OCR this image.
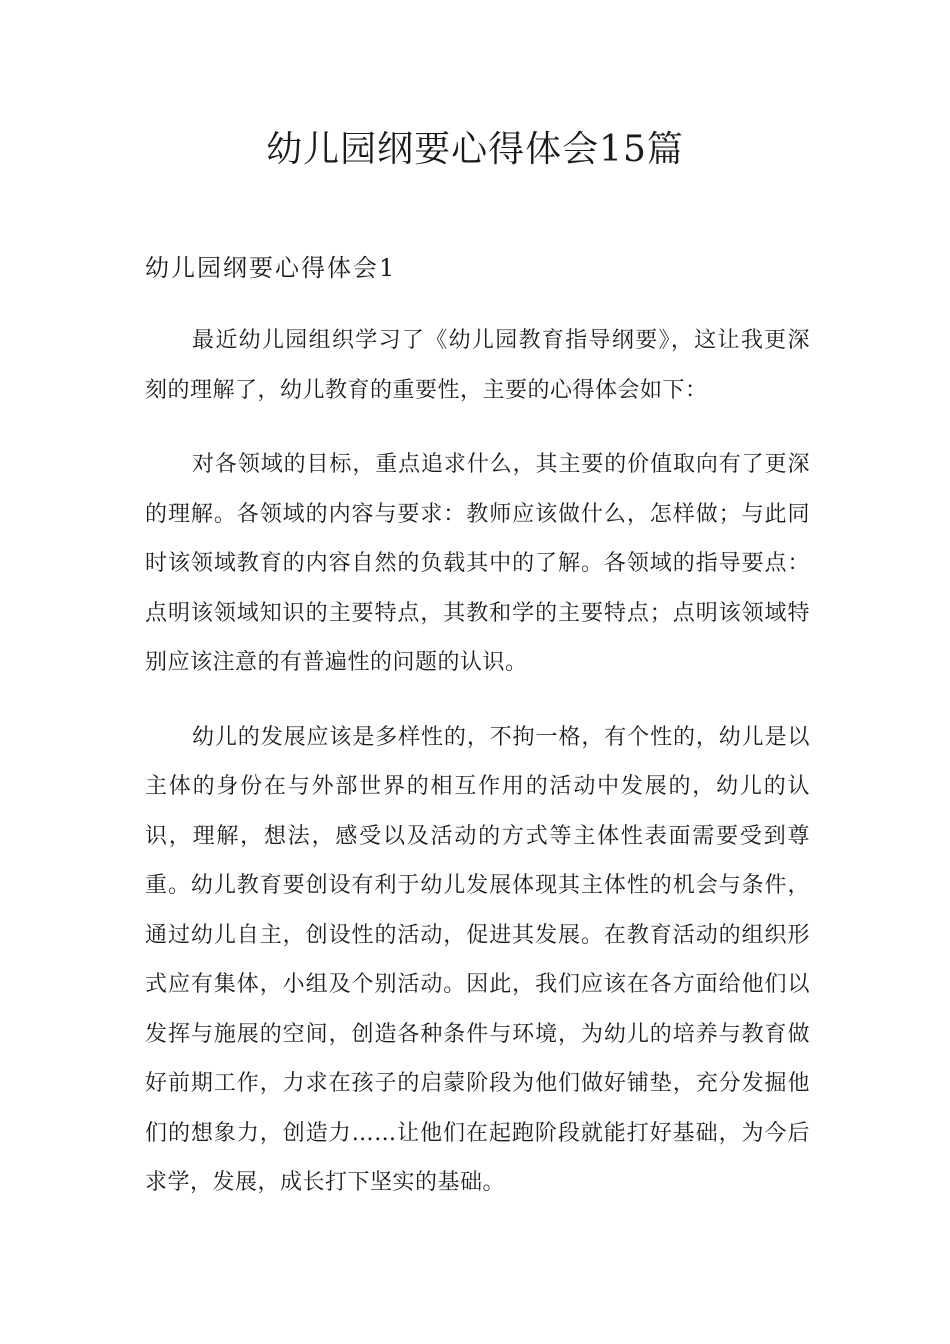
幼儿园纲要心得体会15篇
幼儿园纲要心得体会1

最近幼儿园组织学习了《幼儿园教育指导纲要》，这让我更深刻的理解了，幼儿教育的重要性，主要的心得体会如下：

对各领域的目标，重点追求什么，其主要的价值取向有了更深的理解。各领域的内容与要求：教师应该做什么，怎样做；与此同时该领域教育的内容自然的负载其中的了解。各领域的指导要点：点明该领域知识的主要特点，其教和学的主要特点；点明该领域特别应该注意的有普遍性的问题的认识。

幼儿的发展应该是多样性的，不拘一格，有个性的，幼儿是以主体的身份在与外部世界的相互作用的活动中发展的，幼儿的认识，理解，想法，感受以及活动的方式等主体性表面需要受到尊重。幼儿教育要创设有利于幼儿发展体现其主体性的机会与条件，通过幼儿自主，创设性的活动，促进其发展。在教育活动的组织形式应有集体，小组及个别活动。因此，我们应该在各方面给他们以发挥与施展的空间，创造各种条件与环境，为幼儿的培养与教育做好前期工作，力求在孩子的启蒙阶段为他们做好铺垫，充分发掘他们的想象力，创造力……让他们在起跑阶段就能打好基础，为今后求学，发展，成长打下坚实的基础。
